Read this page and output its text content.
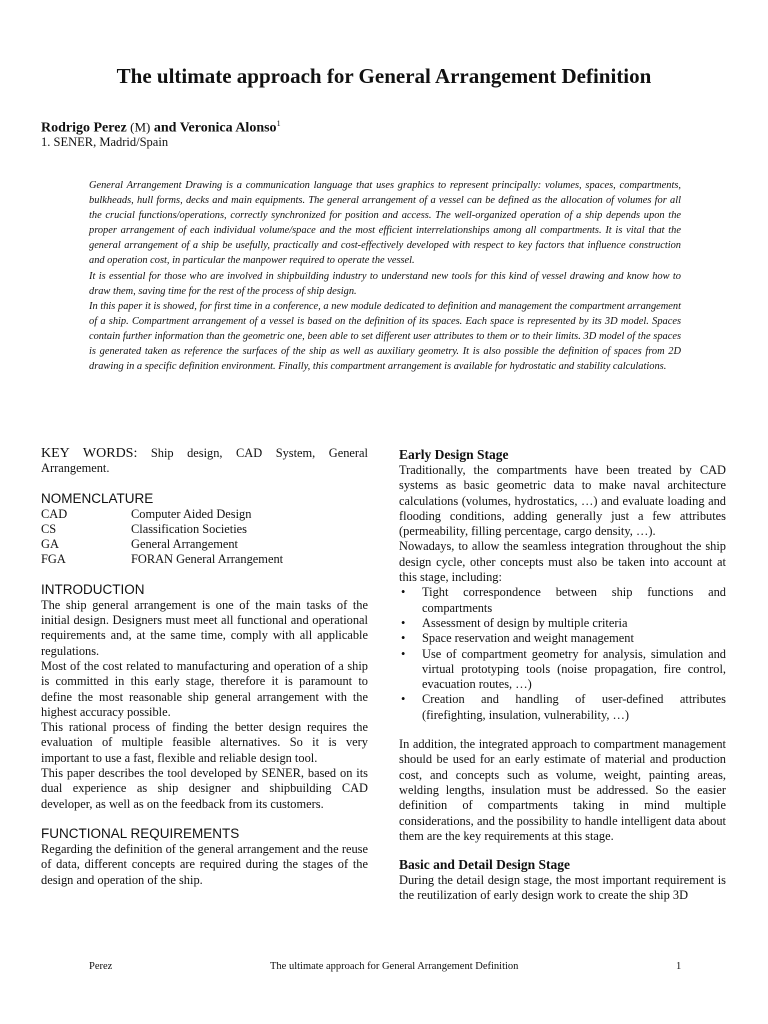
The ultimate approach for General Arrangement Definition
Rodrigo Perez (M) and Veronica Alonso$^1$
1. SENER, Madrid/Spain

General Arrangement Drawing is a communication language that uses graphics to represent principally: volumes, spaces, compartments, bulkheads, hull forms, decks and main equipments. The general arrangement of a vessel can be defined as the allocation of volumes for all the crucial functions/operations, correctly synchronized for position and access. The well-organized operation of a ship depends upon the proper arrangement of each individual volume/space and the most efficient interrelationships among all compartments. It is vital that the general arrangement of a ship be usefully, practically and cost-effectively developed with respect to key factors that influence construction and operation cost, in particular the manpower required to operate the vessel.

It is essential for those who are involved in shipbuilding industry to understand new tools for this kind of vessel drawing and know how to draw them, saving time for the rest of the process of ship design.

In this paper it is showed, for first time in a conference, a new module dedicated to definition and management the compartment arrangement of a ship. Compartment arrangement of a vessel is based on the definition of its spaces. Each space is represented by its 3D model. Spaces contain further information than the geometric one, been able to set different user attributes to them or to their limits. 3D model of the spaces is generated taken as reference the surfaces of the ship as well as auxiliary geometry. It is also possible the definition of spaces from 2D drawing in a specific definition environment. Finally, this compartment arrangement is available for hydrostatic and stability calculations.

KEY WORDS: Ship design, CAD System, General Arrangement.

NOMENCLATURE
CAD	Computer Aided Design
CS	Classification Societies
GA	General Arrangement
FGA	FORAN General Arrangement
INTRODUCTION

The ship general arrangement is one of the main tasks of the initial design. Designers must meet all functional and operational requirements and, at the same time, comply with all applicable regulations.

Most of the cost related to manufacturing and operation of a ship is committed in this early stage, therefore it is paramount to define the most reasonable ship general arrangement with the highest accuracy possible.

This rational process of finding the better design requires the evaluation of multiple feasible alternatives. So it is very important to use a fast, flexible and reliable design tool.

This paper describes the tool developed by SENER, based on its dual experience as ship designer and shipbuilding CAD developer, as well as on the feedback from its customers.

FUNCTIONAL REQUIREMENTS

Regarding the definition of the general arrangement and the reuse of data, different concepts are required during the stages of the design and operation of the ship.

Early Design Stage

Traditionally, the compartments have been treated by CAD systems as basic geometric data to make naval architecture calculations (volumes, hydrostatics, …) and evaluate loading and flooding conditions, adding generally just a few attributes (permeability, filling percentage, cargo density, …).

Nowadays, to allow the seamless integration throughout the ship design cycle, other concepts must also be taken into account at this stage, including:

• Tight correspondence between ship functions and compartments
• Assessment of design by multiple criteria
• Space reservation and weight management
• Use of compartment geometry for analysis, simulation and virtual prototyping tools (noise propagation, fire control, evacuation routes, …)
• Creation and handling of user-defined attributes (firefighting, insulation, vulnerability, …)

In addition, the integrated approach to compartment management should be used for an early estimate of material and production cost, and concepts such as volume, weight, painting areas, welding lengths, insulation must be addressed. So the easier definition of compartments taking in mind multiple considerations, and the possibility to handle intelligent data about them are the key requirements at this stage.

Basic and Detail Design Stage

During the detail design stage, the most important requirement is the reutilization of early design work to create the ship 3D

Perez	The ultimate approach for General Arrangement Definition	1
